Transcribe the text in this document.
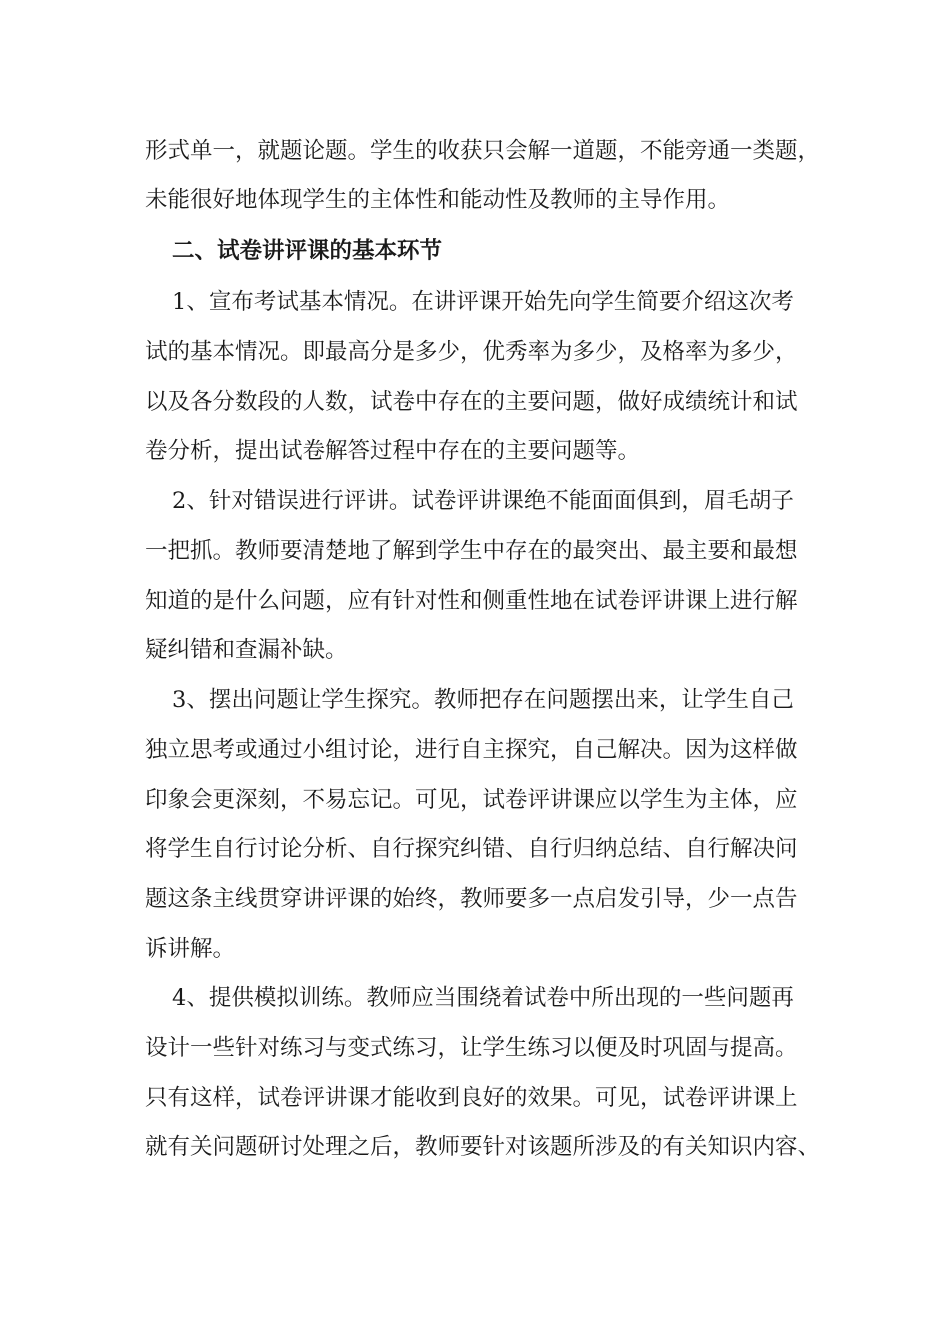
形式单一，就题论题。学生的收获只会解一道题，不能旁通一类题，
未能很好地体现学生的主体性和能动性及教师的主导作用。
二、试卷讲评课的基本环节
1、宣布考试基本情况。在讲评课开始先向学生简要介绍这次考
试的基本情况。即最高分是多少，优秀率为多少，及格率为多少，
以及各分数段的人数，试卷中存在的主要问题，做好成绩统计和试
卷分析，提出试卷解答过程中存在的主要问题等。
2、针对错误进行评讲。试卷评讲课绝不能面面俱到，眉毛胡子
一把抓。教师要清楚地了解到学生中存在的最突出、最主要和最想
知道的是什么问题，应有针对性和侧重性地在试卷评讲课上进行解
疑纠错和查漏补缺。
3、摆出问题让学生探究。教师把存在问题摆出来，让学生自己
独立思考或通过小组讨论，进行自主探究，自己解决。因为这样做
印象会更深刻，不易忘记。可见，试卷评讲课应以学生为主体，应
将学生自行讨论分析、自行探究纠错、自行归纳总结、自行解决问
题这条主线贯穿讲评课的始终，教师要多一点启发引导，少一点告
诉讲解。
4、提供模拟训练。教师应当围绕着试卷中所出现的一些问题再
设计一些针对练习与变式练习，让学生练习以便及时巩固与提高。
只有这样，试卷评讲课才能收到良好的效果。可见，试卷评讲课上
就有关问题研讨处理之后，教师要针对该题所涉及的有关知识内容、
